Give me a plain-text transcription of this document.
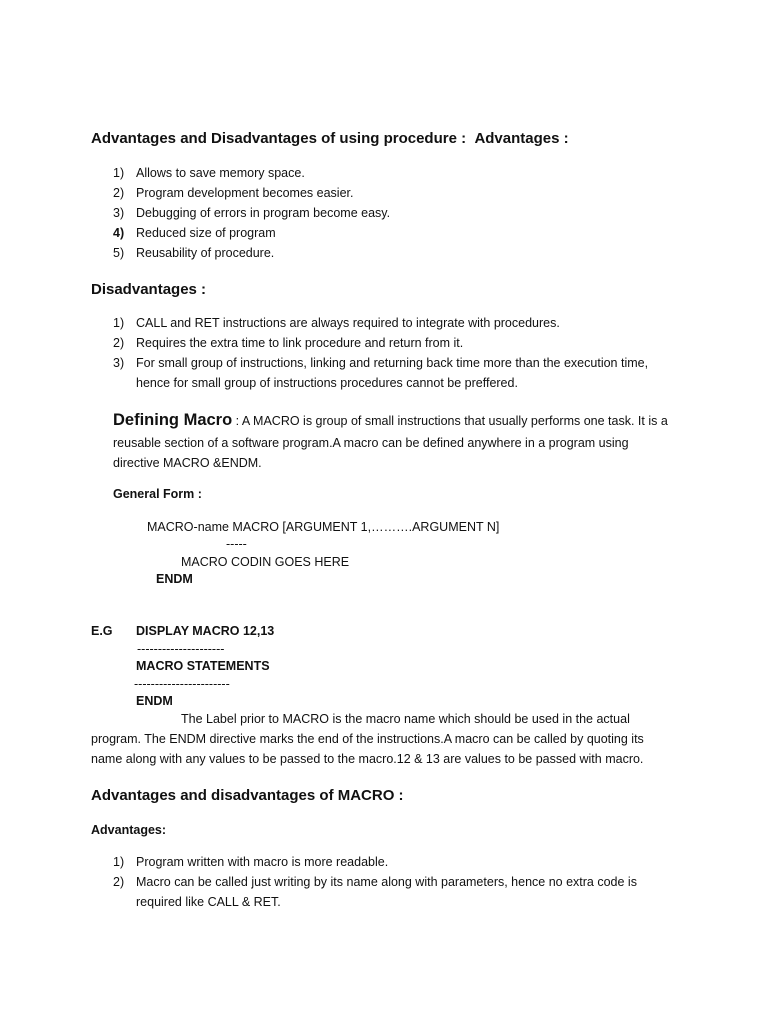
Advantages and Disadvantages of using procedure : Advantages :
1) Allows to save memory space.
2) Program development becomes easier.
3) Debugging of errors in program become easy.
4) Reduced size of program
5) Reusability of procedure.
Disadvantages :
1) CALL and RET instructions are always required to integrate with procedures.
2) Requires the extra time to link procedure and return from it.
3) For small group of instructions, linking and returning back time more than the execution time,
hence for small group of instructions procedures cannot be preffered.
Defining Macro : A MACRO is group of small instructions that usually performs one task. It is a
reusable section of a software program.A macro can be defined anywhere in a program using
directive MACRO &ENDM.
General Form :
MACRO-name MACRO [ARGUMENT 1,……….ARGUMENT N]
-----
MACRO CODIN GOES HERE
ENDM
E.G DISPLAY MACRO 12,13
---------------------
MACRO STATEMENTS
-----------------------
ENDM
The Label prior to MACRO is the macro name which should be used in the actual
program. The ENDM directive marks the end of the instructions.A macro can be called by quoting its
name along with any values to be passed to the macro.12 & 13 are values to be passed with macro.
Advantages and disadvantages of MACRO :
Advantages:
1) Program written with macro is more readable.
2) Macro can be called just writing by its name along with parameters, hence no extra code is
required like CALL & RET.
